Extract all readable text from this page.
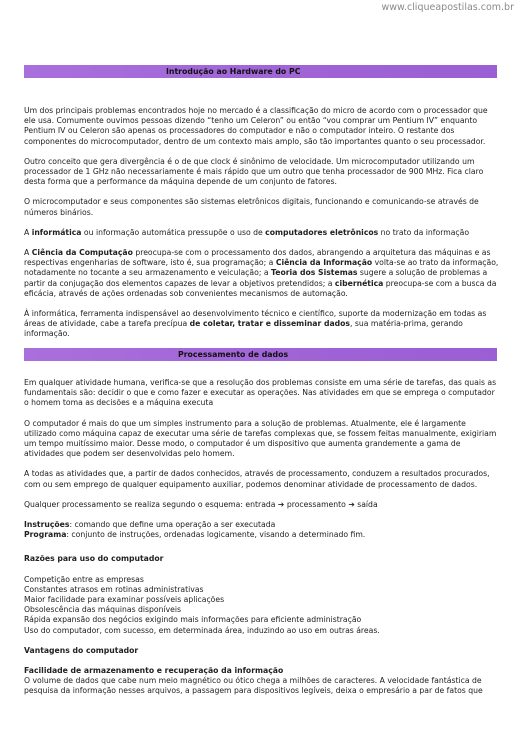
www.cliqueapostilas.com.br
Introdução ao Hardware do PC

Um dos principais problemas encontrados hoje no mercado é a classificação do micro de acordo com o processador que ele usa. Comumente ouvimos pessoas dizendo “tenho um Celeron” ou então “vou comprar um Pentium IV” enquanto Pentium IV ou Celeron são apenas os processadores do computador e não o computador inteiro. O restante dos componentes do microcomputador, dentro de um contexto mais amplo, são tão importantes quanto o seu processador.

Outro conceito que gera divergência é o de que clock é sinônimo de velocidade. Um microcomputador utilizando um processador de 1 GHz não necessariamente é mais rápido que um outro que tenha processador de 900 MHz. Fica claro desta forma que a performance da máquina depende de um conjunto de fatores.

O microcomputador e seus componentes são sistemas eletrônicos digitais, funcionando e comunicando-se através de números binários.

A informática ou informação automática pressupõe o uso de computadores eletrônicos no trato da informação

A Ciência da Computação preocupa-se com o processamento dos dados, abrangendo a arquitetura das máquinas e as respectivas engenharias de software, isto é, sua programação; a Ciência da Informação volta-se ao trato da informação, notadamente no tocante a seu armazenamento e veiculação; a Teoria dos Sistemas sugere a solução de problemas a partir da conjugação dos elementos capazes de levar a objetivos pretendidos; a cibernética preocupa-se com a busca da eficácia, através de ações ordenadas sob convenientes mecanismos de automação.

À informática, ferramenta indispensável ao desenvolvimento técnico e científico, suporte da modernização em todas as áreas de atividade, cabe a tarefa precípua de coletar, tratar e disseminar dados, sua matéria-prima, gerando informação.

Processamento de dados

Em qualquer atividade humana, verifica-se que a resolução dos problemas consiste em uma série de tarefas, das quais as fundamentais são: decidir o que e como fazer e executar as operações. Nas atividades em que se emprega o computador o homem toma as decisões e a máquina executa

O computador é mais do que um simples instrumento para a solução de problemas. Atualmente, ele é largamente utilizado como máquina capaz de executar uma série de tarefas complexas que, se fossem feitas manualmente, exigiriam um tempo muitíssimo maior. Desse modo, o computador é um dispositivo que aumenta grandemente a gama de atividades que podem ser desenvolvidas pelo homem.

A todas as atividades que, a partir de dados conhecidos, através de processamento, conduzem a resultados procurados, com ou sem emprego de qualquer equipamento auxiliar, podemos denominar atividade de processamento de dados.

Qualquer processamento se realiza segundo o esquema: entrada ➔ processamento ➔ saída

Instruções: comando que define uma operação a ser executada

Programa: conjunto de instruções, ordenadas logicamente, visando a determinado fim.

Razões para uso do computador

Competição entre as empresas

Constantes atrasos em rotinas administrativas

Maior facilidade para examinar possíveis aplicações

Obsolescência das máquinas disponíveis

Rápida expansão dos negócios exigindo mais informações para eficiente administração

Uso do computador, com sucesso, em determinada área, induzindo ao uso em outras áreas.

Vantagens do computador

Facilidade de armazenamento e recuperação da informação

O volume de dados que cabe num meio magnético ou ótico chega a milhões de caracteres. A velocidade fantástica de pesquisa da informação nesses arquivos, a passagem para dispositivos legíveis, deixa o empresário a par de fatos que
